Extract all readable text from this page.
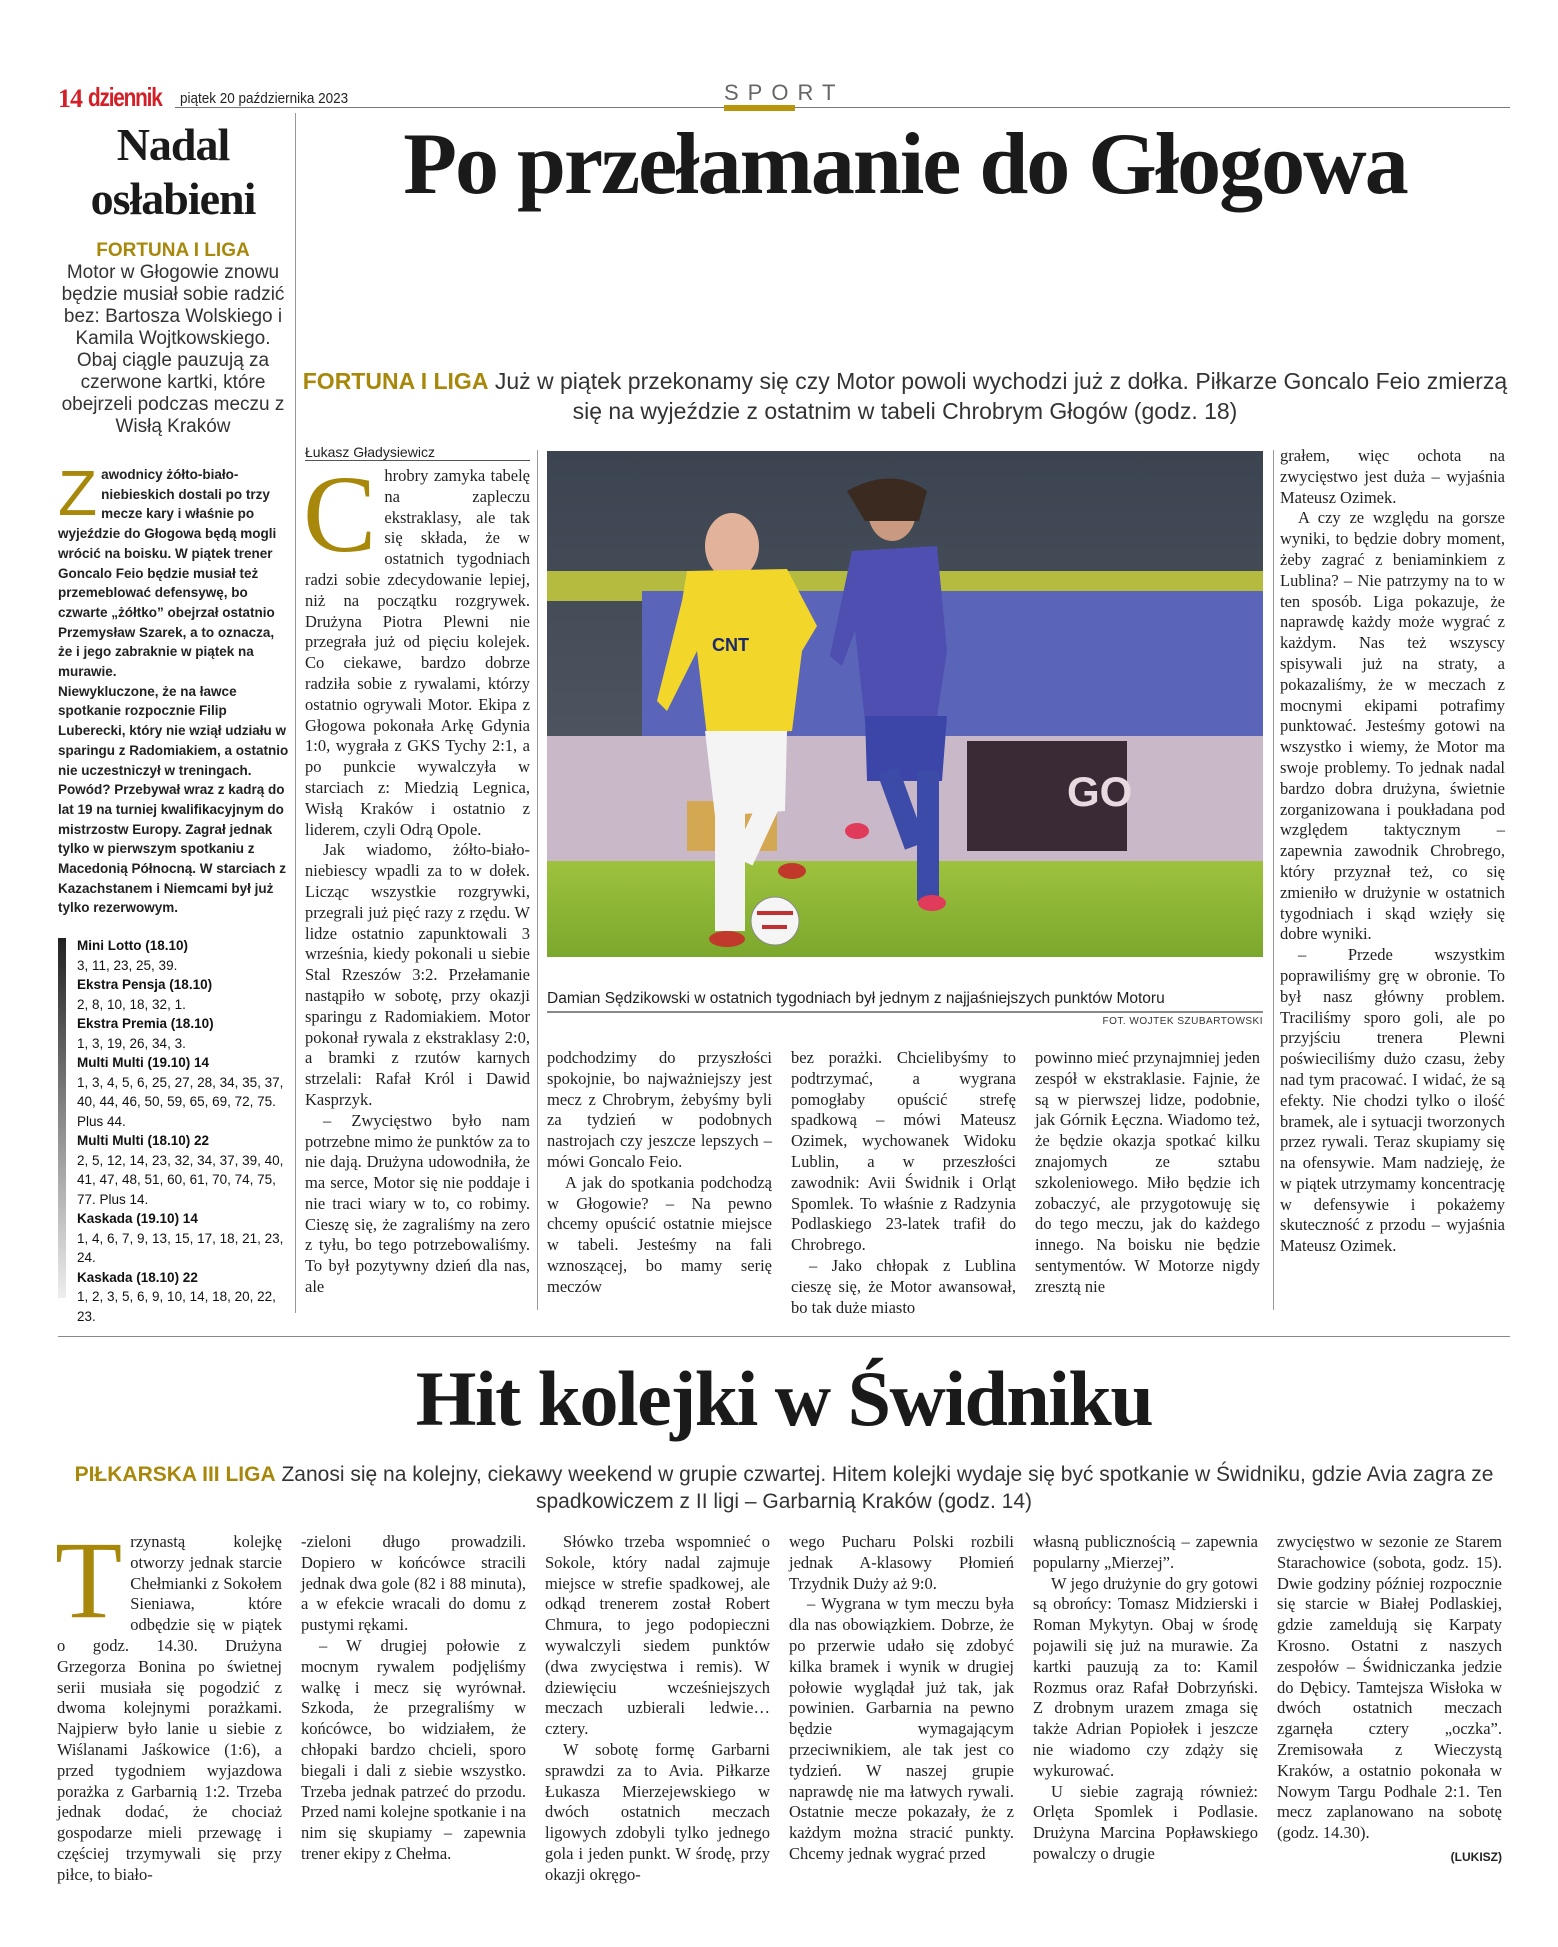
14 dziennik piątek 20 października 2023	SPORT
Nadal osłabieni
FORTUNA I LIGA
Motor w Głogowie znowu będzie musiał sobie radzić bez: Bartosza Wolskiego i Kamila Wojtkowskiego. Obaj ciągle pauzują za czerwone kartki, które obejrzeli podczas meczu z Wisłą Kraków
Z awodnicy żółto-biało-niebieskich dostali po trzy mecze kary i właśnie po wyjeździe do Głogowa będą mogli wrócić na boisku. W piątek trener Goncalo Feio będzie musiał też przemeblować defensywę, bo czwarte „żółtko” obejrzał ostatnio Przemysław Szarek, a to oznacza, że i jego zabraknie w piątek na murawie.
Niewykluczone, że na ławce spotkanie rozpocznie Filip Luberecki, który nie wziął udziału w sparingu z Radomiakiem, a ostatnio nie uczestniczył w treningach. Powód? Przebywał wraz z kadrą do lat 19 na turniej kwalifikacyjnym do mistrzostw Europy. Zagrał jednak tylko w pierwszym spotkaniu z Macedonią Północną. W starciach z Kazachstanem i Niemcami był już tylko rezerwowym.
Mini Lotto (18.10)
3, 11, 23, 25, 39.
Ekstra Pensja (18.10)
2, 8, 10, 18, 32, 1.
Ekstra Premia (18.10)
1, 3, 19, 26, 34, 3.
Multi Multi (19.10) 14
1, 3, 4, 5, 6, 25, 27, 28, 34, 35, 37, 40, 44, 46, 50, 59, 65, 69, 72, 75. Plus 44.
Multi Multi (18.10) 22
2, 5, 12, 14, 23, 32, 34, 37, 39, 40, 41, 47, 48, 51, 60, 61, 70, 74, 75, 77. Plus 14.
Kaskada (19.10) 14
1, 4, 6, 7, 9, 13, 15, 17, 18, 21, 23, 24.
Kaskada (18.10) 22
1, 2, 3, 5, 6, 9, 10, 14, 18, 20, 22, 23.
Po przełamanie do Głogowa
FORTUNA I LIGA Już w piątek przekonamy się czy Motor powoli wychodzi już z dołka. Piłkarze Goncalo Feio zmierzą się na wyjeździe z ostatnim w tabeli Chrobrym Głogów (godz. 18)
Łukasz Gładysiewicz

Chrobry zamyka tabelę na zapleczu ekstraklasy, ale tak się składa, że w ostatnich tygodniach radzi sobie zdecydowanie lepiej, niż na początku rozgrywek. Drużyna Piotra Plewni nie przegrała już od pięciu kolejek. Co ciekawe, bardzo dobrze radziła sobie z rywalami, którzy ostatnio ogrywali Motor. Ekipa z Głogowa pokonała Arkę Gdynia 1:0, wygrała z GKS Tychy 2:1, a po punkcie wywalczyła w starciach z: Miedzią Legnica, Wisłą Kraków i ostatnio z liderem, czyli Odrą Opole.

Jak wiadomo, żółto-biało-niebiescy wpadli za to w dołek. Licząc wszystkie rozgrywki, przegrali już pięć razy z rzędu. W lidze ostatnio zapunktowali 3 września, kiedy pokonali u siebie Stal Rzeszów 3:2. Przełamanie nastąpiło w sobotę, przy okazji sparingu z Radomiakiem. Motor pokonał rywala z ekstraklasy 2:0, a bramki z rzutów karnych strzelali: Rafał Król i Dawid Kasprzyk.

– Zwycięstwo było nam potrzebne mimo że punktów za to nie dają. Drużyna udowodniła, że ma serce, Motor się nie poddaje i nie traci wiary w to, co robimy. Cieszę się, że zagraliśmy na zero z tyłu, bo tego potrzebowaliśmy. To był pozytywny dzień dla nas, ale

GO
CNT
Damian Sędzikowski w ostatnich tygodniach był jednym z najjaśniejszych punktów Motoru
FOT. WOJTEK SZUBARTOWSKI

podchodzimy do przyszłości spokojnie, bo najważniejszy jest mecz z Chrobrym, żebyśmy byli za tydzień w podobnych nastrojach czy jeszcze lepszych – mówi Goncalo Feio.

A jak do spotkania podchodzą w Głogowie? – Na pewno chcemy opuścić ostatnie miejsce w tabeli. Jesteśmy na fali wznoszącej, bo mamy serię meczów

bez porażki. Chcielibyśmy to podtrzymać, a wygrana pomogłaby opuścić strefę spadkową – mówi Mateusz Ozimek, wychowanek Widoku Lublin, a w przeszłości zawodnik: Avii Świdnik i Orląt Spomlek. To właśnie z Radzynia Podlaskiego 23-latek trafił do Chrobrego.

– Jako chłopak z Lublina cieszę się, że Motor awansował, bo tak duże miasto

powinno mieć przynajmniej jeden zespół w ekstraklasie. Fajnie, że są w pierwszej lidze, podobnie, jak Górnik Łęczna. Wiadomo też, że będzie okazja spotkać kilku znajomych ze sztabu szkoleniowego. Miło będzie ich zobaczyć, ale przygotowuję się do tego meczu, jak do każdego innego. Na boisku nie będzie sentymentów. W Motorze nigdy zresztą nie

grałem, więc ochota na zwycięstwo jest duża – wyjaśnia Mateusz Ozimek.

A czy ze względu na gorsze wyniki, to będzie dobry moment, żeby zagrać z beniaminkiem z Lublina? – Nie patrzymy na to w ten sposób. Liga pokazuje, że naprawdę każdy może wygrać z każdym. Nas też wszyscy spisywali już na straty, a pokazaliśmy, że w meczach z mocnymi ekipami potrafimy punktować. Jesteśmy gotowi na wszystko i wiemy, że Motor ma swoje problemy. To jednak nadal bardzo dobra drużyna, świetnie zorganizowana i poukładana pod względem taktycznym – zapewnia zawodnik Chrobrego, który przyznał też, co się zmieniło w drużynie w ostatnich tygodniach i skąd wzięły się dobre wyniki.

– Przede wszystkim poprawiliśmy grę w obronie. To był nasz główny problem. Traciliśmy sporo goli, ale po przyjściu trenera Plewni poświeciliśmy dużo czasu, żeby nad tym pracować. I widać, że są efekty. Nie chodzi tylko o ilość bramek, ale i sytuacji tworzonych przez rywali. Teraz skupiamy się na ofensywie. Mam nadzieję, że w piątek utrzymamy koncentrację w defensywie i pokażemy skuteczność z przodu – wyjaśnia Mateusz Ozimek.

Hit kolejki w Świdniku
PIŁKARSKA III LIGA Zanosi się na kolejny, ciekawy weekend w grupie czwartej. Hitem kolejki wydaje się być spotkanie w Świdniku, gdzie Avia zagra ze spadkowiczem z II ligi – Garbarnią Kraków (godz. 14)

Trzynastą kolejkę otworzy jednak starcie Chełmianki z Sokołem Sieniawa, które odbędzie się w piątek o godz. 14.30. Drużyna Grzegorza Bonina po świetnej serii musiała się pogodzić z dwoma kolejnymi porażkami. Najpierw było lanie u siebie z Wiślanami Jaśkowice (1:6), a przed tygodniem wyjazdowa porażka z Garbarnią 1:2. Trzeba jednak dodać, że chociaż gospodarze mieli przewagę i częściej trzymywali się przy piłce, to biało-

-zieloni długo prowadzili. Dopiero w końcówce stracili jednak dwa gole (82 i 88 minuta), a w efekcie wracali do domu z pustymi rękami.

– W drugiej połowie z mocnym rywalem podjęliśmy walkę i mecz się wyrównał. Szkoda, że przegraliśmy w końcówce, bo widziałem, że chłopaki bardzo chcieli, sporo biegali i dali z siebie wszystko. Trzeba jednak patrzeć do przodu. Przed nami kolejne spotkanie i na nim się skupiamy – zapewnia trener ekipy z Chełma.

Słówko trzeba wspomnieć o Sokole, który nadal zajmuje miejsce w strefie spadkowej, ale odkąd trenerem został Robert Chmura, to jego podopieczni wywalczyli siedem punktów (dwa zwycięstwa i remis). W dziewięciu wcześniejszych meczach uzbierali ledwie… cztery.

W sobotę formę Garbarni sprawdzi za to Avia. Piłkarze Łukasza Mierzejewskiego w dwóch ostatnich meczach ligowych zdobyli tylko jednego gola i jeden punkt. W środę, przy okazji okręgo-

wego Pucharu Polski rozbili jednak A-klasowy Płomień Trzydnik Duży aż 9:0.

– Wygrana w tym meczu była dla nas obowiązkiem. Dobrze, że po przerwie udało się zdobyć kilka bramek i wynik w drugiej połowie wyglądał już tak, jak powinien. Garbarnia na pewno będzie wymagającym przeciwnikiem, ale tak jest co tydzień. W naszej grupie naprawdę nie ma łatwych rywali. Ostatnie mecze pokazały, że z każdym można stracić punkty. Chcemy jednak wygrać przed

własną publicznością – zapewnia popularny „Mierzej”.

W jego drużynie do gry gotowi są obrońcy: Tomasz Midzierski i Roman Mykytyn. Obaj w środę pojawili się już na murawie. Za kartki pauzują za to: Kamil Rozmus oraz Rafał Dobrzyński. Z drobnym urazem zmaga się także Adrian Popiołek i jeszcze nie wiadomo czy zdąży się wykurować.

U siebie zagrają również: Orlęta Spomlek i Podlasie. Drużyna Marcina Popławskiego powalczy o drugie

zwycięstwo w sezonie ze Starem Starachowice (sobota, godz. 15). Dwie godziny później rozpocznie się starcie w Białej Podlaskiej, gdzie zameldują się Karpaty Krosno. Ostatni z naszych zespołów – Świdniczanka jedzie do Dębicy. Tamtejsza Wisłoka w dwóch ostatnich meczach zgarnęła cztery „oczka”. Zremisowała z Wieczystą Kraków, a ostatnio pokonała w Nowym Targu Podhale 2:1. Ten mecz zaplanowano na sobotę (godz. 14.30).

(LUKISZ)
